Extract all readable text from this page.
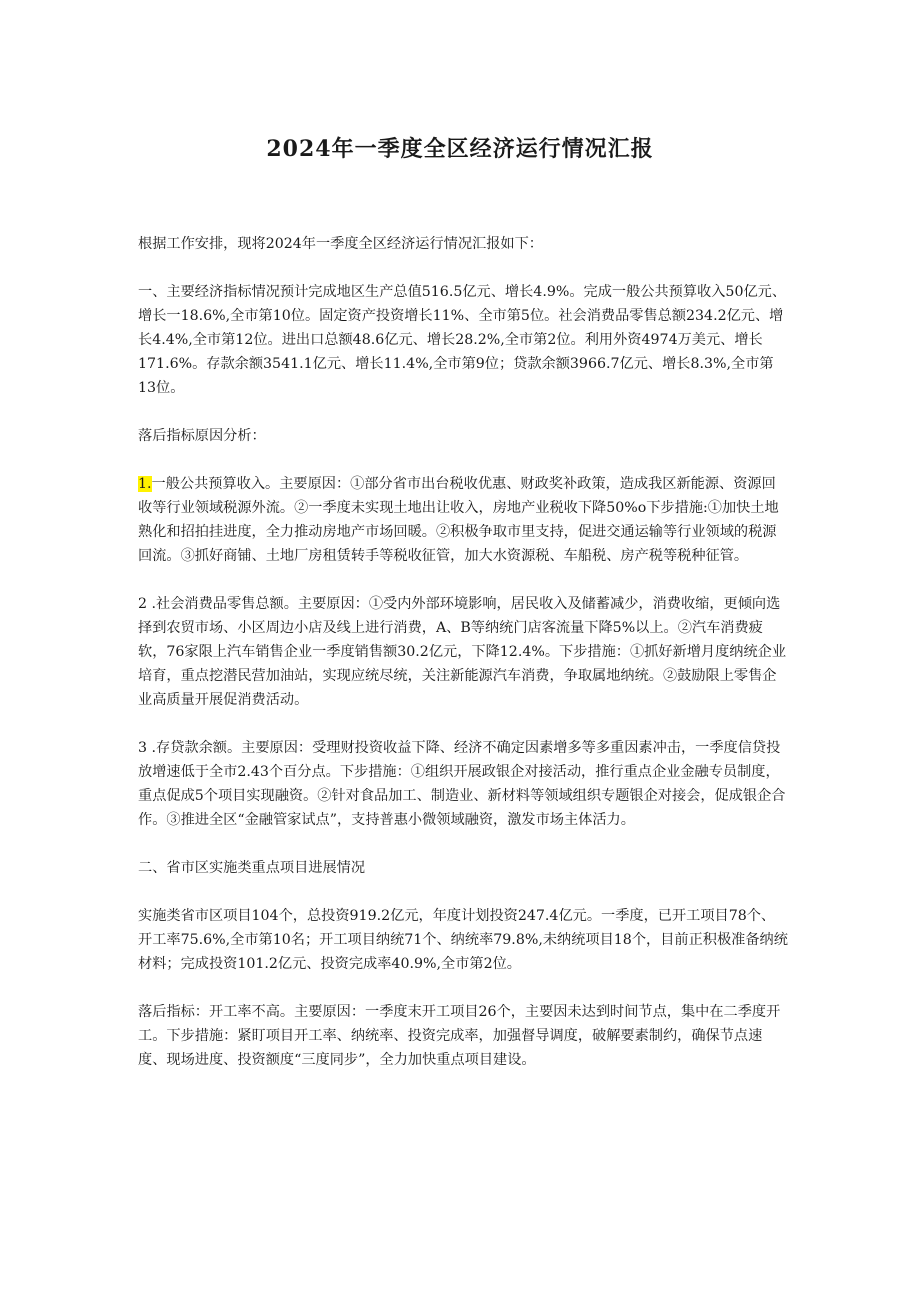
2024年一季度全区经济运行情况汇报

根据工作安排，现将2024年一季度全区经济运行情况汇报如下：

一、主要经济指标情况预计完成地区生产总值516.5亿元、增长4.9%。完成一般公共预算收入50亿元、增长一18.6%,全市第10位。固定资产投资增长11%、全市第5位。社会消费品零售总额234.2亿元、增长4.4%,全市第12位。进出口总额48.6亿元、增长28.2%,全市第2位。利用外资4974万美元、增长171.6%。存款余额3541.1亿元、增长11.4%,全市第9位；贷款余额3966.7亿元、增长8.3%,全市第13位。

落后指标原因分析：

1.一般公共预算收入。主要原因：①部分省市出台税收优惠、财政奖补政策，造成我区新能源、资源回收等行业领域税源外流。②一季度未实现土地出让收入，房地产业税收下降50%o下步措施:①加快土地熟化和招拍挂进度，全力推动房地产市场回暖。②积极争取市里支持，促进交通运输等行业领域的税源回流。③抓好商铺、土地厂房租赁转手等税收征管，加大水资源税、车船税、房产税等税种征管。

2 .社会消费品零售总额。主要原因：①受内外部环境影响，居民收入及储蓄减少，消费收缩，更倾向选择到农贸市场、小区周边小店及线上进行消费，A、B等纳统门店客流量下降5%以上。②汽车消费疲软，76家限上汽车销售企业一季度销售额30.2亿元，下降12.4%。下步措施：①抓好新增月度纳统企业培育，重点挖潜民营加油站，实现应统尽统，关注新能源汽车消费，争取属地纳统。②鼓励限上零售企业高质量开展促消费活动。

3 .存贷款余额。主要原因：受理财投资收益下降、经济不确定因素增多等多重因素冲击，一季度信贷投放增速低于全市2.43个百分点。下步措施：①组织开展政银企对接活动，推行重点企业金融专员制度，重点促成5个项目实现融资。②针对食品加工、制造业、新材料等领域组织专题银企对接会，促成银企合作。③推进全区“金融管家试点”，支持普惠小微领域融资，激发市场主体活力。

二、省市区实施类重点项目进展情况

实施类省市区项目104个，总投资919.2亿元，年度计划投资247.4亿元。一季度，已开工项目78个、开工率75.6%,全市第10名；开工项目纳统71个、纳统率79.8%,未纳统项目18个，目前正积极准备纳统材料；完成投资101.2亿元、投资完成率40.9%,全市第2位。

落后指标：开工率不高。主要原因：一季度末开工项目26个，主要因未达到时间节点，集中在二季度开工。下步措施：紧盯项目开工率、纳统率、投资完成率，加强督导调度，破解要素制约，确保节点速度、现场进度、投资额度“三度同步”，全力加快重点项目建设。
